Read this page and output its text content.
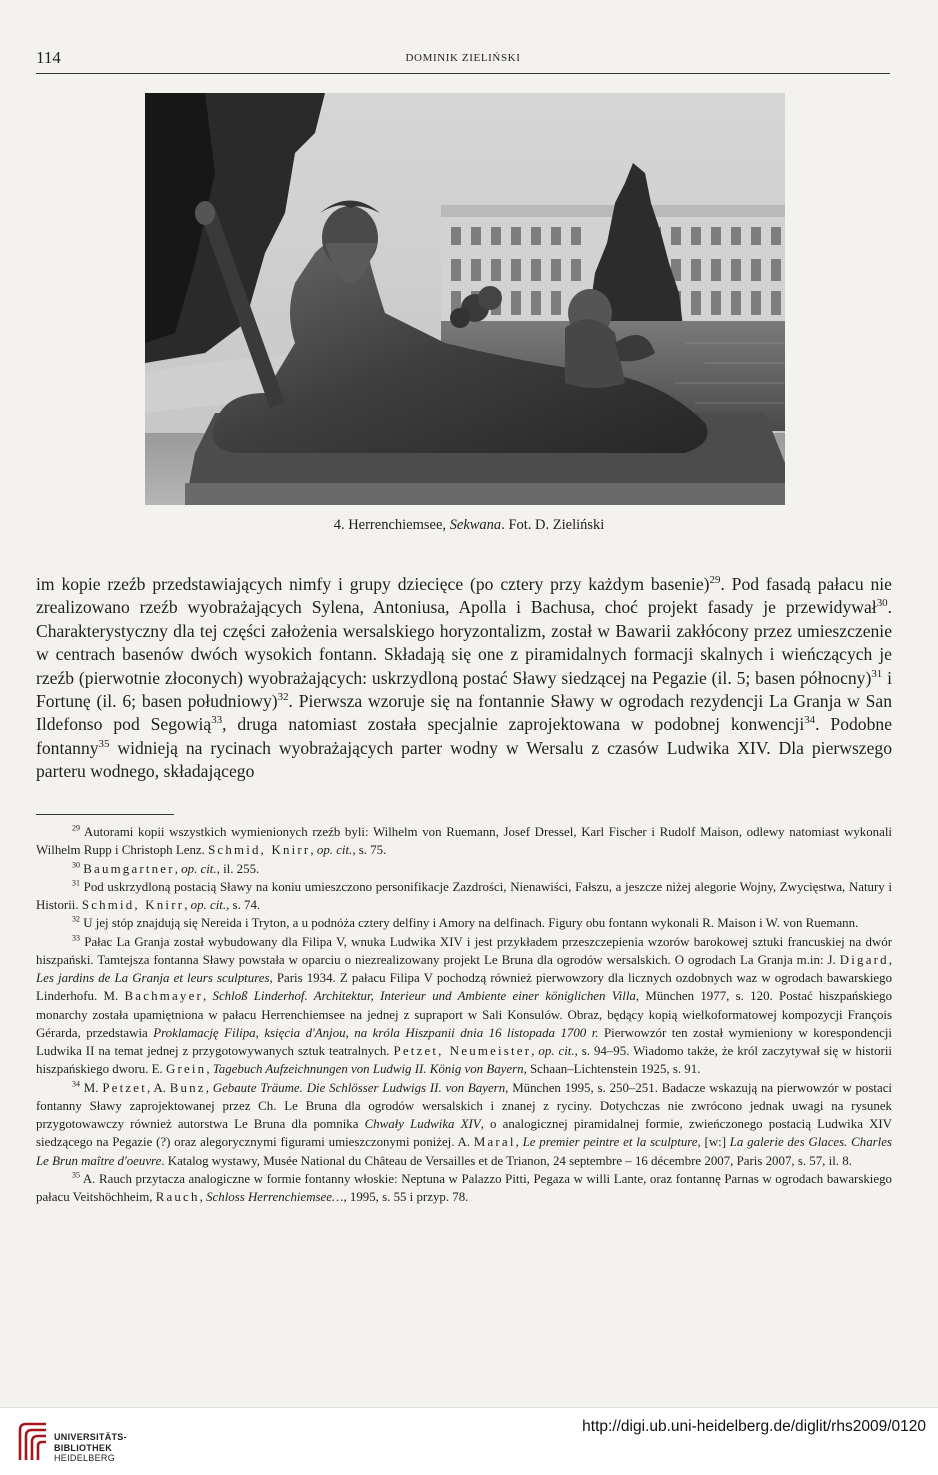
114	DOMINIK ZIELIŃSKI
4. Herrenchiemsee, Sekwana. Fot. D. Zieliński

im kopie rzeźb przedstawiających nimfy i grupy dziecięce (po cztery przy każdym basenie)$^{29}$. Pod fasadą pałacu nie zrealizowano rzeźb wyobrażających Sylena, Antoniusa, Apolla i Bachusa, choć projekt fasady je przewidywał$^{30}$. Charakterystyczny dla tej części założenia wersalskiego horyzontalizm, został w Bawarii zakłócony przez umieszczenie w centrach basenów dwóch wysokich fontann. Składają się one z piramidalnych formacji skalnych i wieńczących je rzeźb (pierwotnie złoconych) wyobrażających: uskrzydloną postać Sławy siedzącej na Pegazie (il. 5; basen północny)$^{31}$ i Fortunę (il. 6; basen południowy)$^{32}$. Pierwsza wzoruje się na fontannie Sławy w ogrodach rezydencji La Granja w San Ildefonso pod Segowią$^{33}$, druga natomiast została specjalnie zaprojektowana w podobnej konwencji$^{34}$. Podobne fontanny$^{35}$ widnieją na rycinach wyobrażających parter wodny w Wersalu z czasów Ludwika XIV. Dla pierwszego parteru wodnego, składającego

$^{29}$ Autorami kopii wszystkich wymienionych rzeźb byli: Wilhelm von Ruemann, Josef Dressel, Karl Fischer i Rudolf Maison, odlewy natomiast wykonali Wilhelm Rupp i Christoph Lenz. Schmid, Knirr, op. cit., s. 75.

$^{30}$ Baumgartner, op. cit., il. 255.

$^{31}$ Pod uskrzydloną postacią Sławy na koniu umieszczono personifikacje Zazdrości, Nienawiści, Fałszu, a jeszcze niżej alegorie Wojny, Zwycięstwa, Natury i Historii. Schmid, Knirr, op. cit., s. 74.

$^{32}$ U jej stóp znajdują się Nereida i Tryton, a u podnóża cztery delfiny i Amory na delfinach. Figury obu fontann wykonali R. Maison i W. von Ruemann.

$^{33}$ Pałac La Granja został wybudowany dla Filipa V, wnuka Ludwika XIV i jest przykładem przeszczepienia wzorów barokowej sztuki francuskiej na dwór hiszpański. Tamtejsza fontanna Sławy powstała w oparciu o niezrealizowany projekt Le Bruna dla ogrodów wersalskich. O ogrodach La Granja m.in: J. Digard, Les jardins de La Granja et leurs sculptures, Paris 1934. Z pałacu Filipa V pochodzą również pierwowzory dla licznych ozdobnych waz w ogrodach bawarskiego Linderhofu. M. Bachmayer, Schloß Linderhof. Architektur, Interieur und Ambiente einer königlichen Villa, München 1977, s. 120. Postać hiszpańskiego monarchy została upamiętniona w pałacu Herrenchiemsee na jednej z supraport w Sali Konsulów. Obraz, będący kopią wielkoformatowej kompozycji François Gérarda, przedstawia Proklamację Filipa, księcia d'Anjou, na króla Hiszpanii dnia 16 listopada 1700 r. Pierwowzór ten został wymieniony w korespondencji Ludwika II na temat jednej z przygotowywanych sztuk teatralnych. Petzet, Neumeister, op. cit., s. 94–95. Wiadomo także, że król zaczytywał się w historii hiszpańskiego dworu. E. Grein, Tagebuch Aufzeichnungen von Ludwig II. König von Bayern, Schaan–Lichtenstein 1925, s. 91.

$^{34}$ M. Petzet, A. Bunz, Gebaute Träume. Die Schlösser Ludwigs II. von Bayern, München 1995, s. 250–251. Badacze wskazują na pierwowzór w postaci fontanny Sławy zaprojektowanej przez Ch. Le Bruna dla ogrodów wersalskich i znanej z ryciny. Dotychczas nie zwrócono jednak uwagi na rysunek przygotowawczy również autorstwa Le Bruna dla pomnika Chwały Ludwika XIV, o analogicznej piramidalnej formie, zwieńczonego postacią Ludwika XIV siedzącego na Pegazie (?) oraz alegorycznymi figurami umieszczonymi poniżej. A. Maral, Le premier peintre et la sculpture, [w:] La galerie des Glaces. Charles Le Brun maître d'oeuvre. Katalog wystawy, Musée National du Château de Versailles et de Trianon, 24 septembre – 16 décembre 2007, Paris 2007, s. 57, il. 8.

$^{35}$ A. Rauch przytacza analogiczne w formie fontanny włoskie: Neptuna w Palazzo Pitti, Pegaza w willi Lante, oraz fontannę Parnas w ogrodach bawarskiego pałacu Veitshöchheim, Rauch, Schloss Herrenchiemsee…, 1995, s. 55 i przyp. 78.

UNIVERSITÄTS-
BIBLIOTHEK
HEIDELBERG
http://digi.ub.uni-heidelberg.de/diglit/rhs2009/0120
